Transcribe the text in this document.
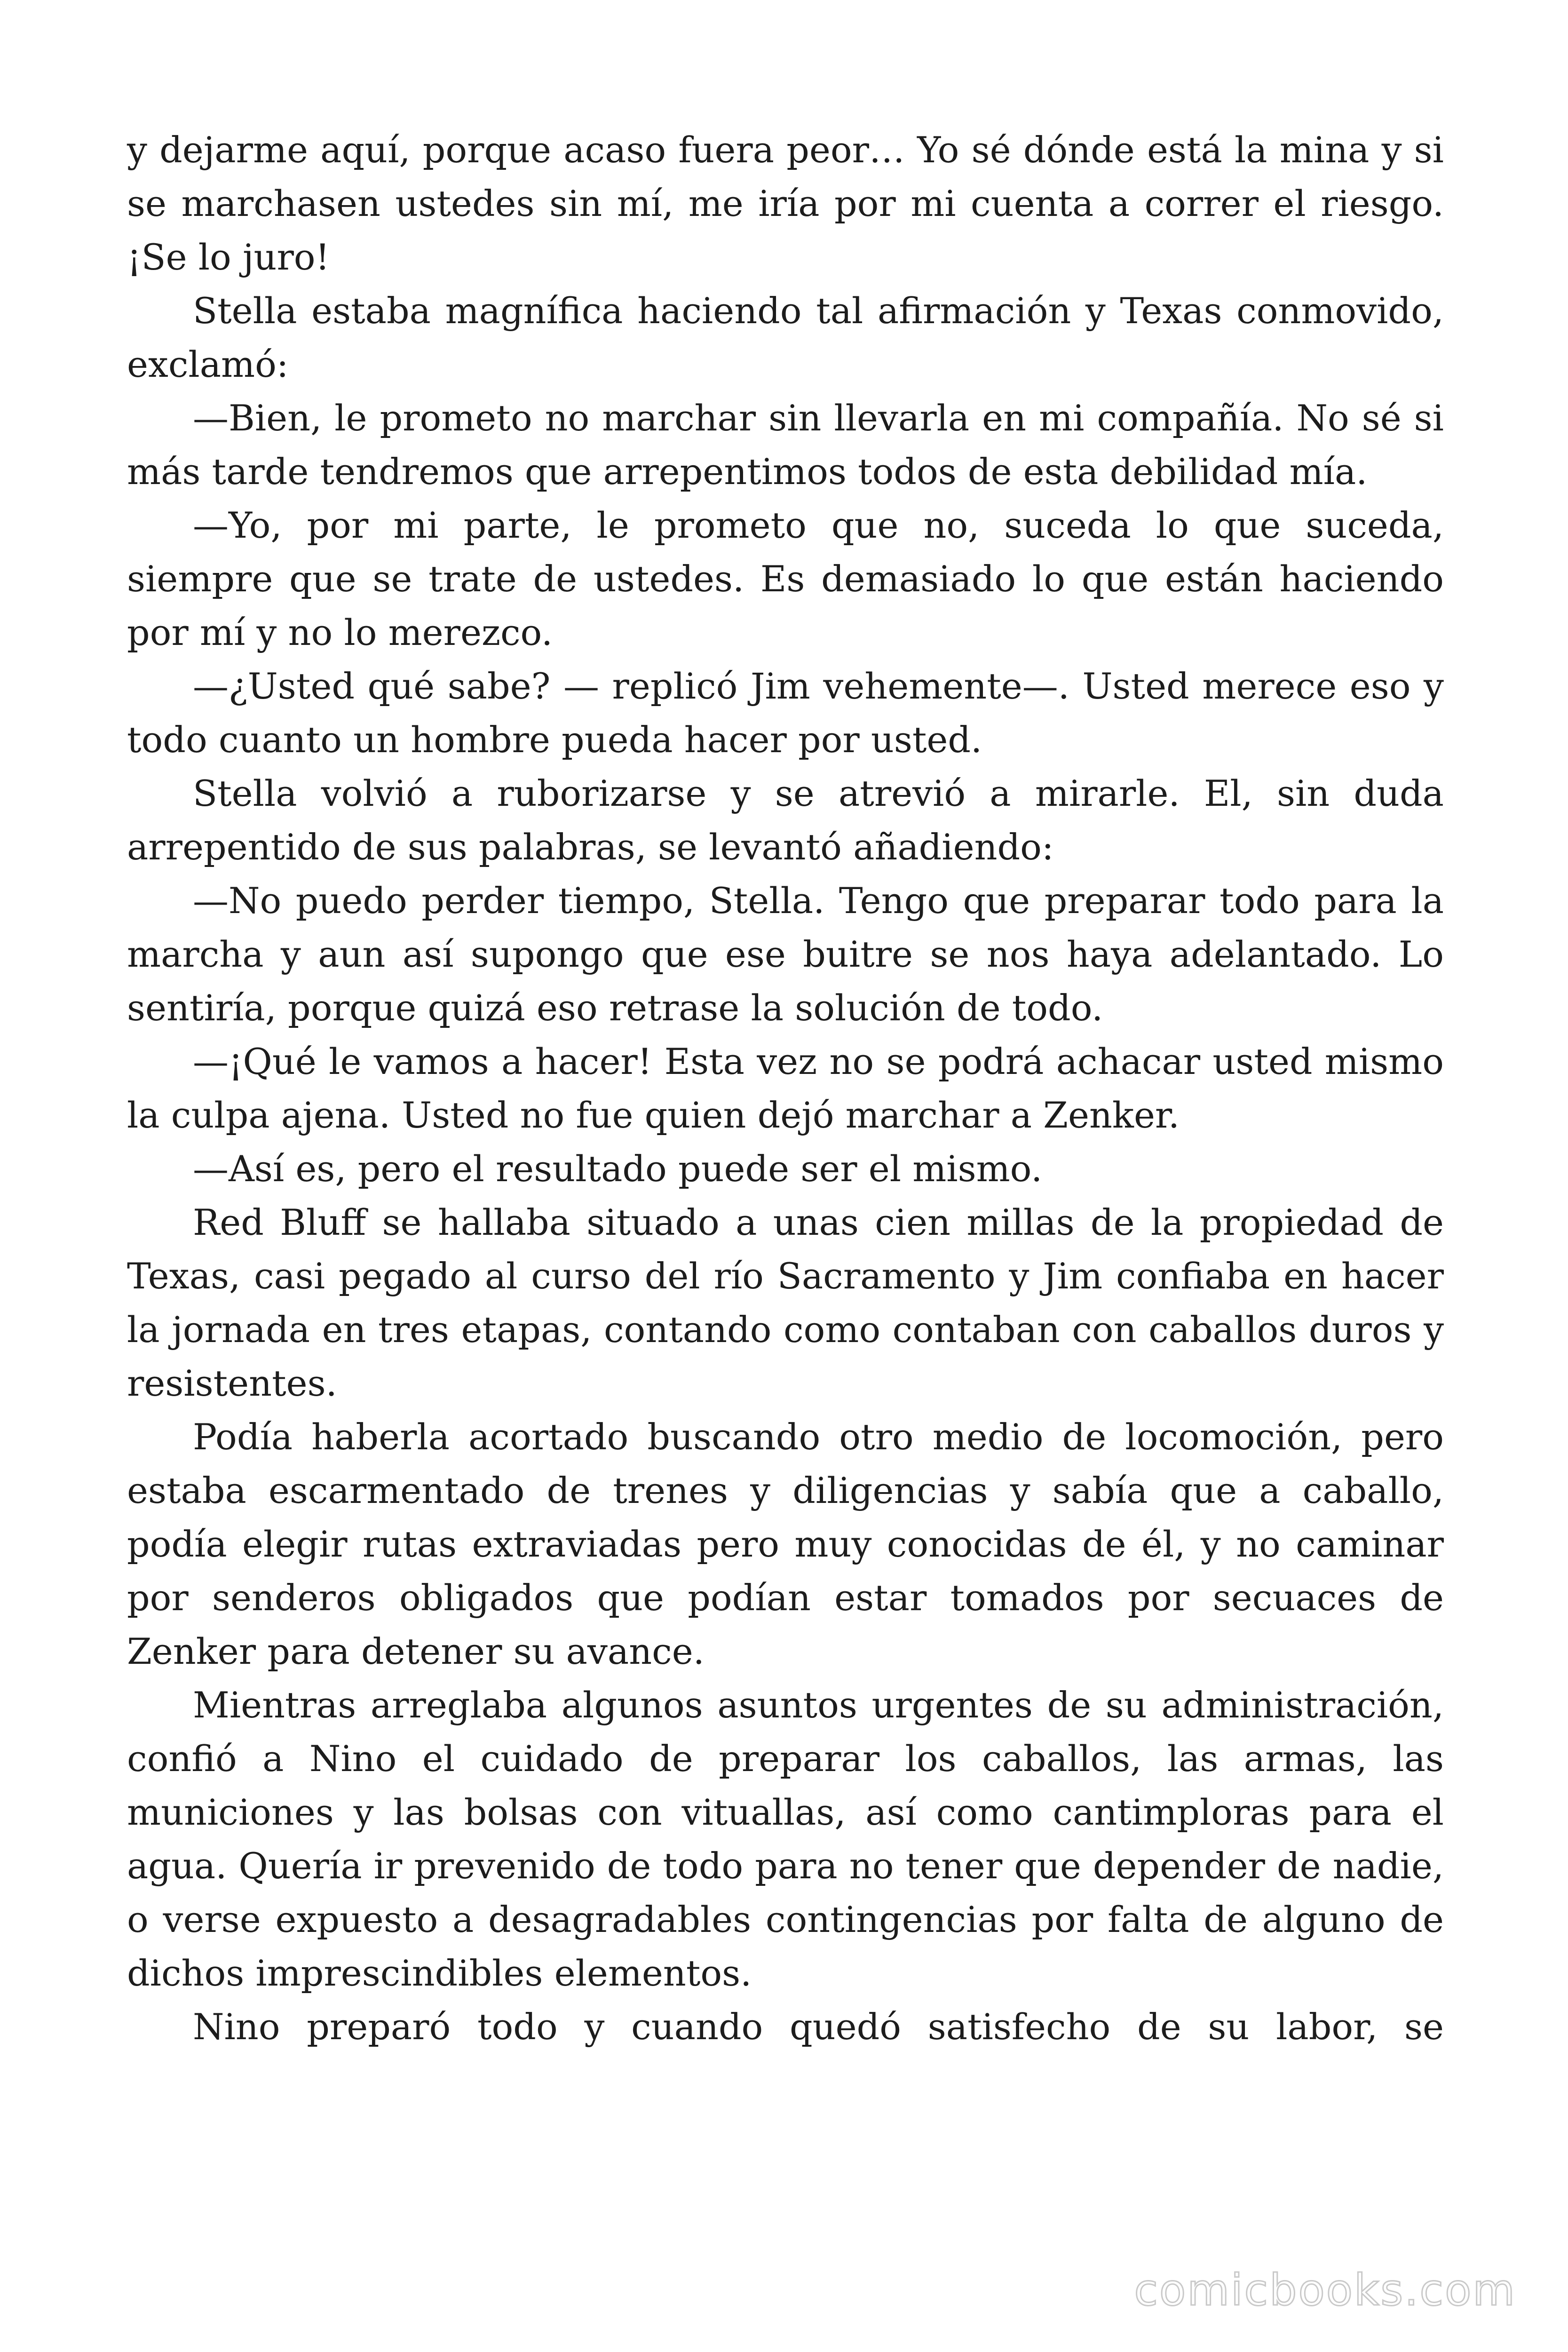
y dejarme aquí, porque acaso fuera peor… Yo sé dónde está la mina y si se marchasen ustedes sin mí, me iría por mi cuenta a correr el riesgo. ¡Se lo juro!

Stella estaba magnífica haciendo tal afirmación y Texas conmovido, exclamó:

—Bien, le prometo no marchar sin llevarla en mi compañía. No sé si más tarde tendremos que arrepentimos todos de esta debilidad mía.

—Yo, por mi parte, le prometo que no, suceda lo que suceda, siempre que se trate de ustedes. Es demasiado lo que están haciendo por mí y no lo merezco.

—¿Usted qué sabe? — replicó Jim vehemente—. Usted merece eso y todo cuanto un hombre pueda hacer por usted.

Stella volvió a ruborizarse y se atrevió a mirarle. El, sin duda arrepentido de sus palabras, se levantó añadiendo:

—No puedo perder tiempo, Stella. Tengo que preparar todo para la marcha y aun así supongo que ese buitre se nos haya adelantado. Lo sentiría, porque quizá eso retrase la solución de todo.

—¡Qué le vamos a hacer! Esta vez no se podrá achacar usted mismo la culpa ajena. Usted no fue quien dejó marchar a Zenker.

—Así es, pero el resultado puede ser el mismo.

Red Bluff se hallaba situado a unas cien millas de la propiedad de Texas, casi pegado al curso del río Sacramento y Jim confiaba en hacer la jornada en tres etapas, contando como contaban con caballos duros y resistentes.

Podía haberla acortado buscando otro medio de locomoción, pero estaba escarmentado de trenes y diligencias y sabía que a caballo, podía elegir rutas extraviadas pero muy conocidas de él, y no caminar por senderos obligados que podían estar tomados por secuaces de Zenker para detener su avance.

Mientras arreglaba algunos asuntos urgentes de su administración, confió a Nino el cuidado de preparar los caballos, las armas, las municiones y las bolsas con vituallas, así como cantimploras para el agua. Quería ir prevenido de todo para no tener que depender de nadie, o verse expuesto a desagradables contingencias por falta de alguno de dichos imprescindibles elementos.

Nino preparó todo y cuando quedó satisfecho de su labor, se

comicbooks.com
